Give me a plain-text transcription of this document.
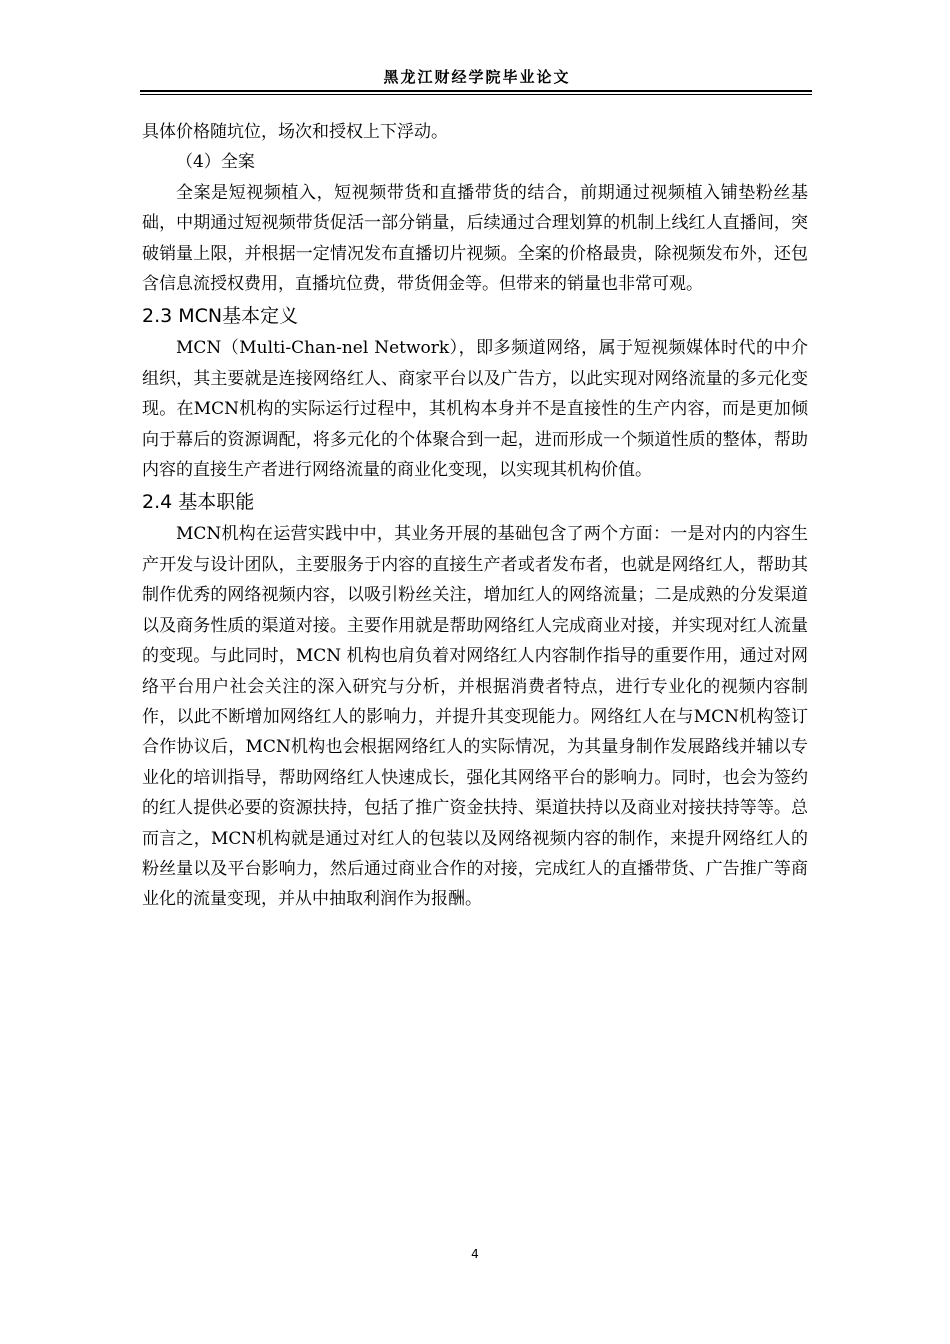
黑龙江财经学院毕业论文

具体价格随坑位，场次和授权上下浮动。

（4）全案

全案是短视频植入，短视频带货和直播带货的结合，前期通过视频植入铺垫粉丝基础，中期通过短视频带货促活一部分销量，后续通过合理划算的机制上线红人直播间，突破销量上限，并根据一定情况发布直播切片视频。全案的价格最贵，除视频发布外，还包含信息流授权费用，直播坑位费，带货佣金等。但带来的销量也非常可观。

2.3 MCN基本定义

MCN（Multi-Chan-nel Network），即多频道网络，属于短视频媒体时代的中介组织，其主要就是连接网络红人、商家平台以及广告方，以此实现对网络流量的多元化变现。在MCN机构的实际运行过程中，其机构本身并不是直接性的生产内容，而是更加倾向于幕后的资源调配，将多元化的个体聚合到一起，进而形成一个频道性质的整体，帮助内容的直接生产者进行网络流量的商业化变现，以实现其机构价值。

2.4 基本职能

MCN机构在运营实践中中，其业务开展的基础包含了两个方面：一是对内的内容生产开发与设计团队，主要服务于内容的直接生产者或者发布者，也就是网络红人，帮助其制作优秀的网络视频内容，以吸引粉丝关注，增加红人的网络流量；二是成熟的分发渠道以及商务性质的渠道对接。主要作用就是帮助网络红人完成商业对接，并实现对红人流量的变现。与此同时，MCN 机构也肩负着对网络红人内容制作指导的重要作用，通过对网络平台用户社会关注的深入研究与分析，并根据消费者特点，进行专业化的视频内容制作，以此不断增加网络红人的影响力，并提升其变现能力。网络红人在与MCN机构签订合作协议后，MCN机构也会根据网络红人的实际情况，为其量身制作发展路线并辅以专业化的培训指导，帮助网络红人快速成长，强化其网络平台的影响力。同时，也会为签约的红人提供必要的资源扶持，包括了推广资金扶持、渠道扶持以及商业对接扶持等等。总而言之，MCN机构就是通过对红人的包装以及网络视频内容的制作，来提升网络红人的粉丝量以及平台影响力，然后通过商业合作的对接，完成红人的直播带货、广告推广等商业化的流量变现，并从中抽取利润作为报酬。

4
